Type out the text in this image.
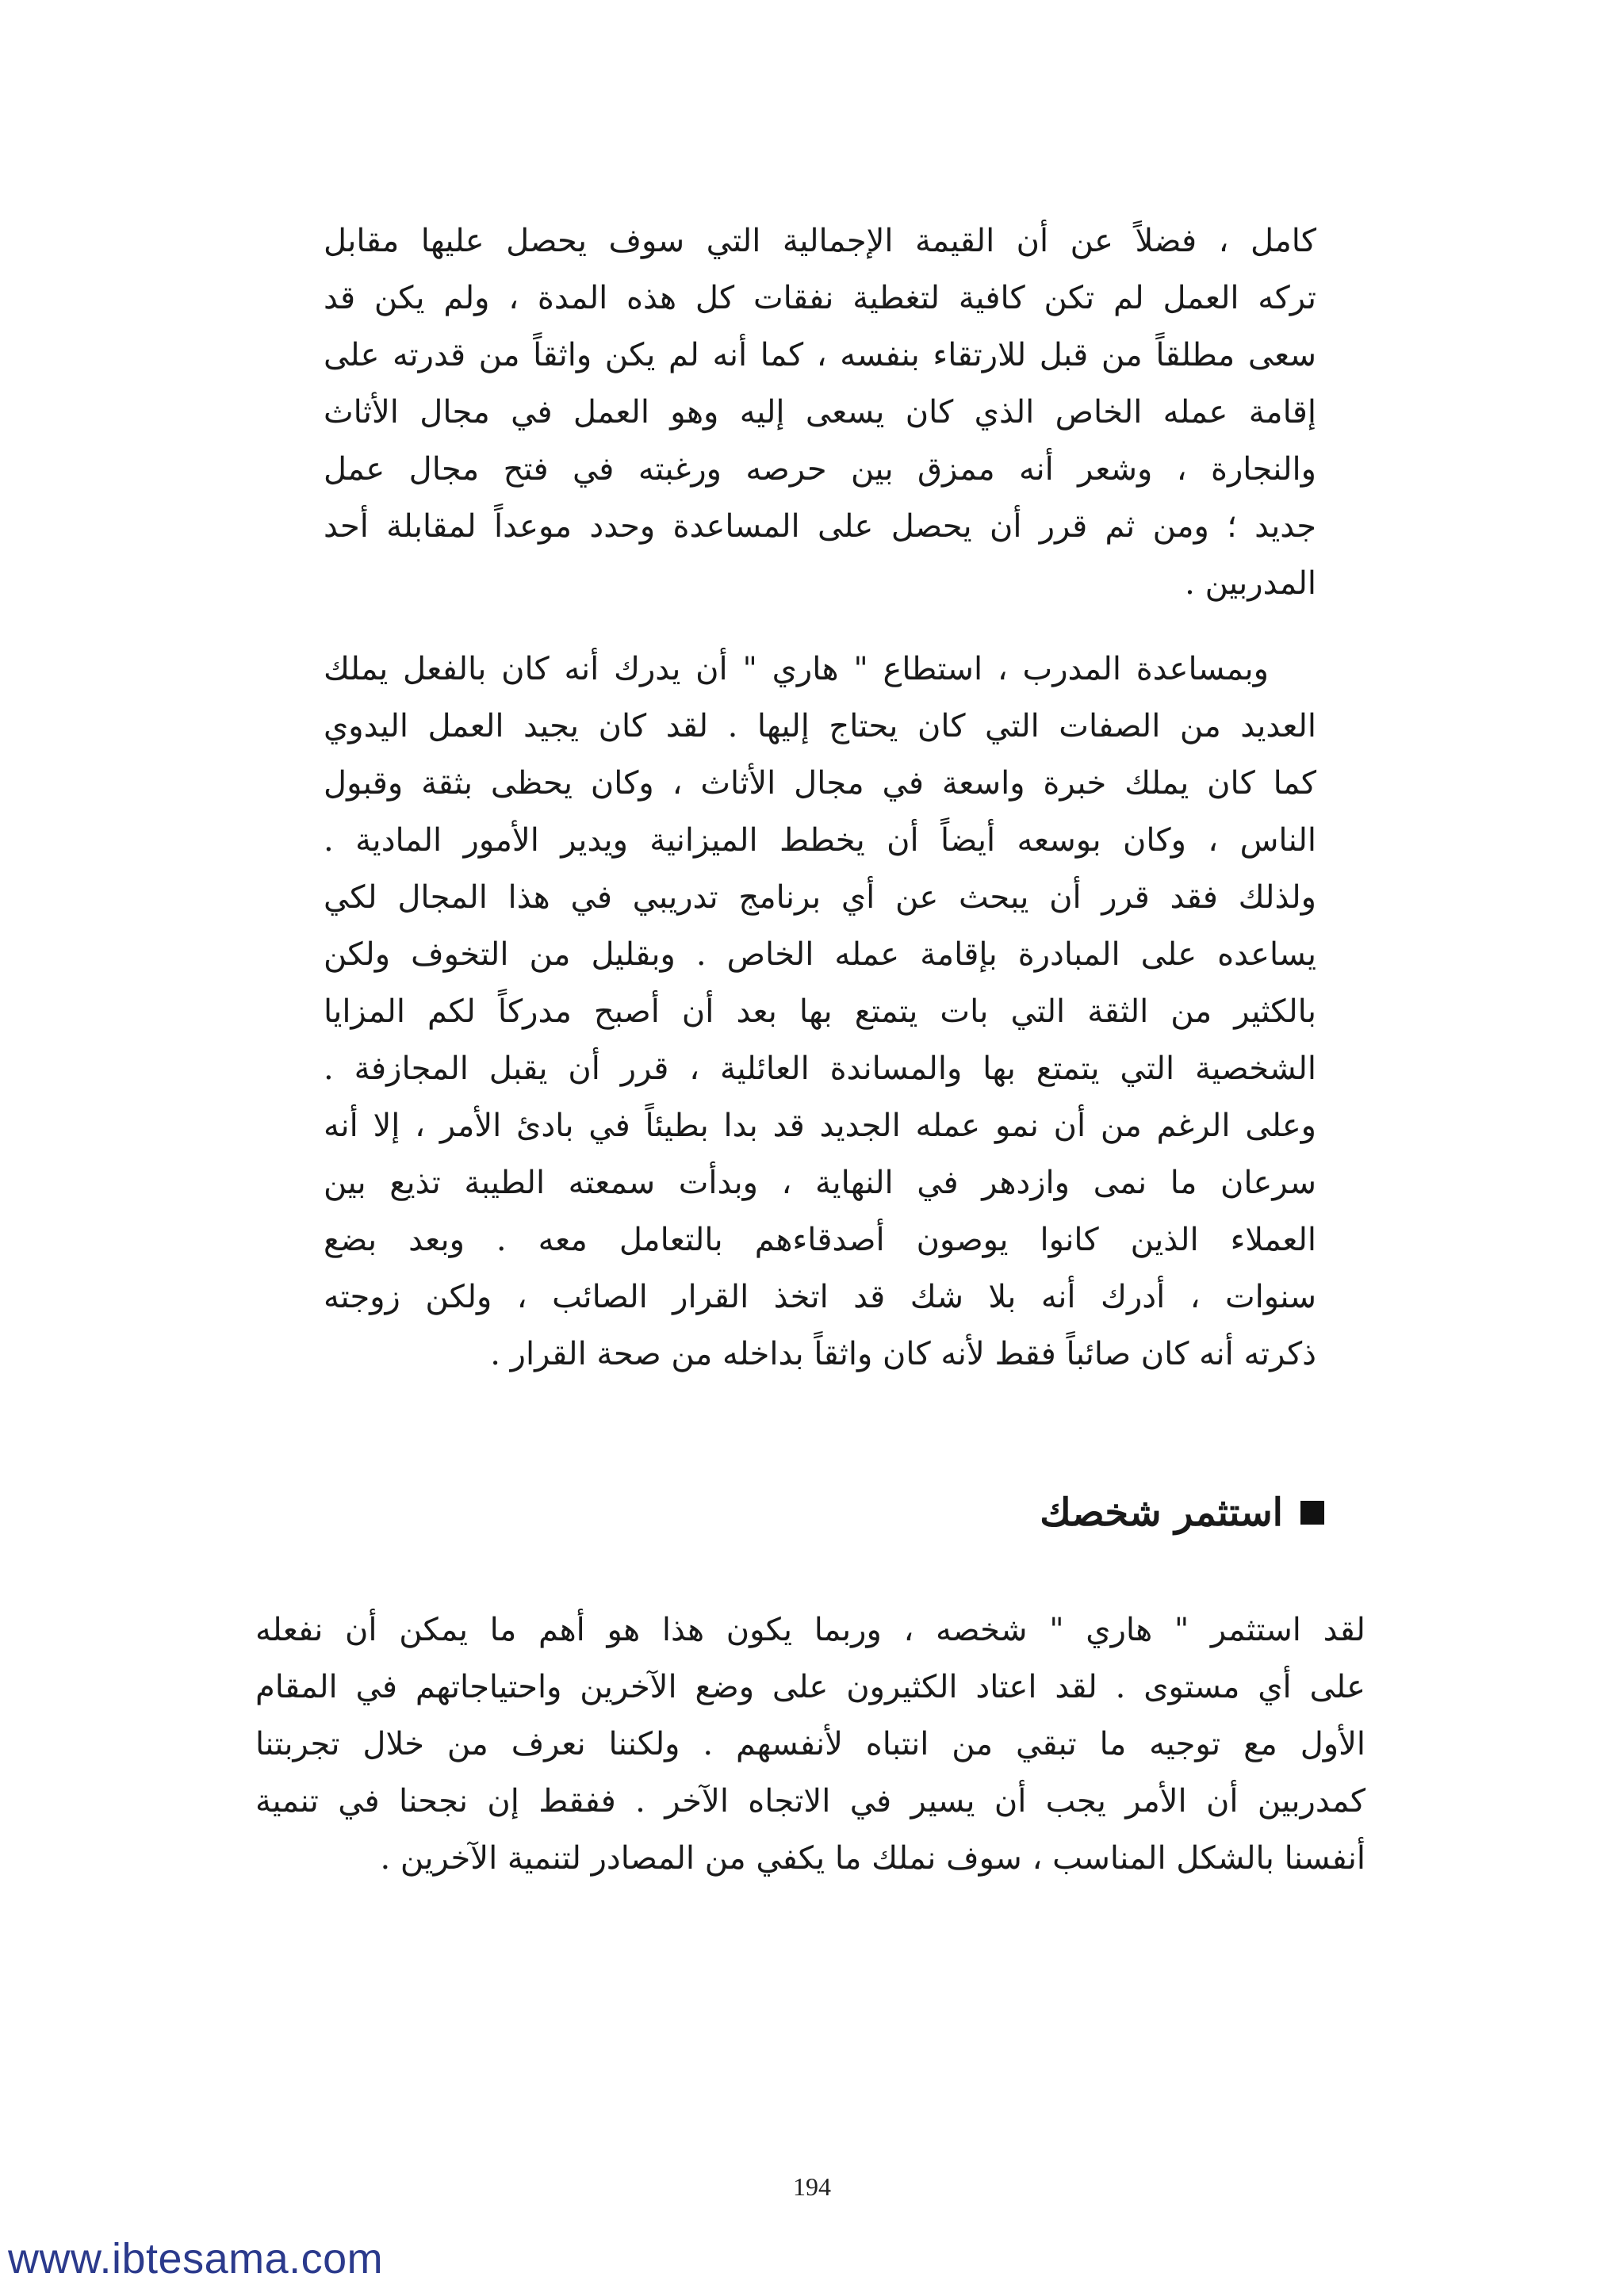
كامل ، فضلاً عن أن القيمة الإجمالية التي سوف يحصل عليها مقابل
تركه العمل لم تكن كافية لتغطية نفقات كل هذه المدة ، ولم يكن قد
سعى مطلقاً من قبل للارتقاء بنفسه ، كما أنه لم يكن واثقاً من قدرته على
إقامة عمله الخاص الذي كان يسعى إليه وهو العمل في مجال الأثاث
والنجارة ، وشعر أنه ممزق بين حرصه ورغبته في فتح مجال عمل
جديد ؛ ومن ثم قرر أن يحصل على المساعدة وحدد موعداً لمقابلة أحد
المدربين .
وبمساعدة المدرب ، استطاع " هاري " أن يدرك أنه كان بالفعل يملك
العديد من الصفات التي كان يحتاج إليها . لقد كان يجيد العمل اليدوي
كما كان يملك خبرة واسعة في مجال الأثاث ، وكان يحظى بثقة وقبول
الناس ، وكان بوسعه أيضاً أن يخطط الميزانية ويدير الأمور المادية .
ولذلك فقد قرر أن يبحث عن أي برنامج تدريبي في هذا المجال لكي
يساعده على المبادرة بإقامة عمله الخاص . وبقليل من التخوف ولكن
بالكثير من الثقة التي بات يتمتع بها بعد أن أصبح مدركاً لكم المزايا
الشخصية التي يتمتع بها والمساندة العائلية ، قرر أن يقبل المجازفة .
وعلى الرغم من أن نمو عمله الجديد قد بدا بطيئاً في بادئ الأمر ، إلا أنه
سرعان ما نمى وازدهر في النهاية ، وبدأت سمعته الطيبة تذيع بين
العملاء الذين كانوا يوصون أصدقاءهم بالتعامل معه . وبعد بضع
سنوات ، أدرك أنه بلا شك قد اتخذ القرار الصائب ، ولكن زوجته
ذكرته أنه كان صائباً فقط لأنه كان واثقاً بداخله من صحة القرار .
استثمر شخصك
لقد استثمر " هاري " شخصه ، وربما يكون هذا هو أهم ما يمكن أن نفعله
على أي مستوى . لقد اعتاد الكثيرون على وضع الآخرين واحتياجاتهم في المقام
الأول مع توجيه ما تبقي من انتباه لأنفسهم . ولكننا نعرف من خلال تجربتنا
كمدربين أن الأمر يجب أن يسير في الاتجاه الآخر . ففقط إن نجحنا في تنمية
أنفسنا بالشكل المناسب ، سوف نملك ما يكفي من المصادر لتنمية الآخرين .
194
www.ibtesama.com
